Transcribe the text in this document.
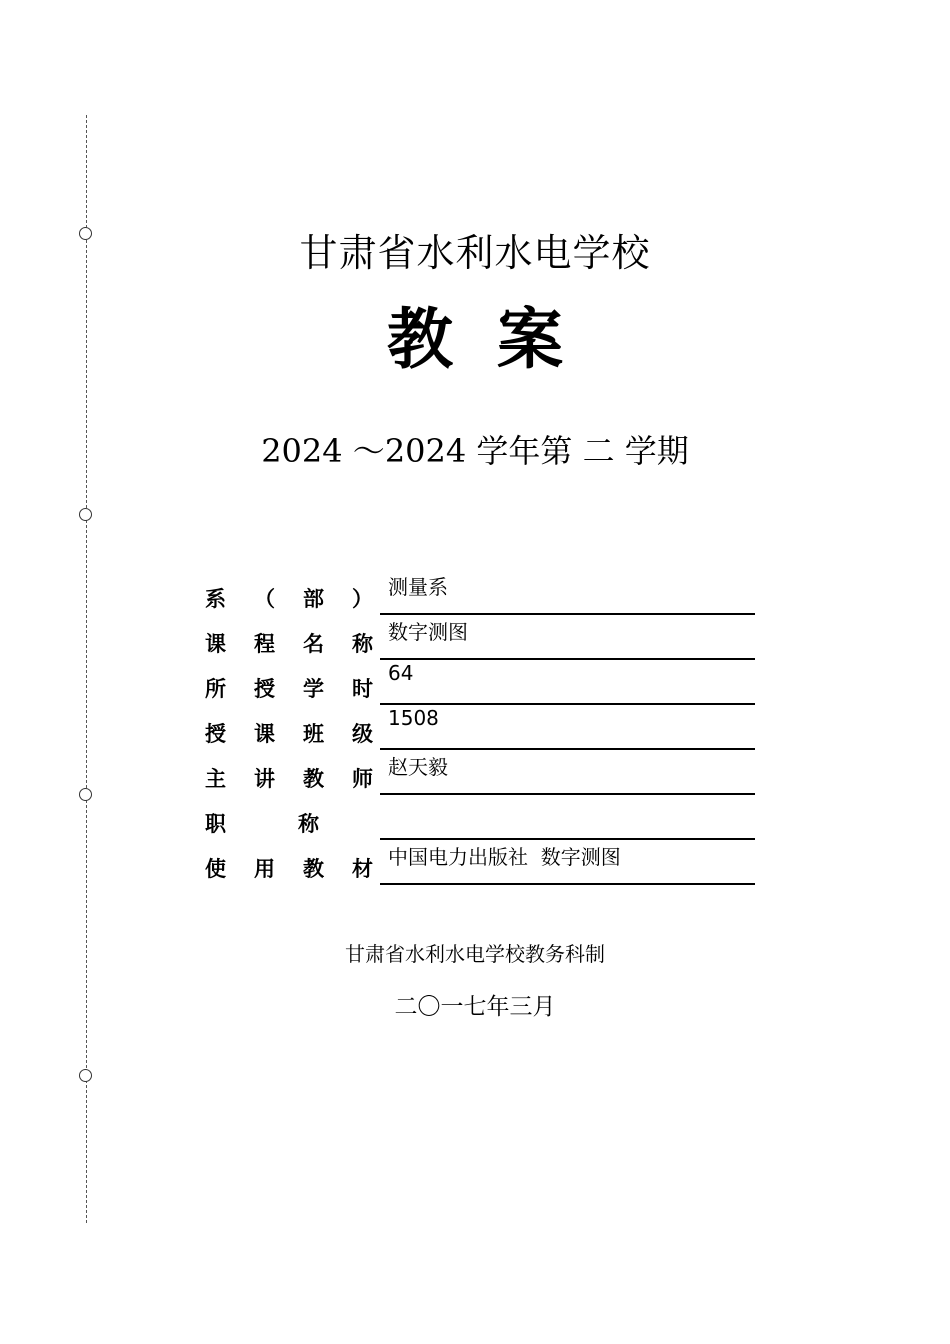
甘肃省水利水电学校
教案
2024 ～2024 学年第 二 学期
系 （ 部 ） 测量系
课 程 名 称 数字测图
所 授 学 时
64
授 课 班 级
1508
主 讲 教 师 赵天毅
职	称
使 用 教 材 中国电力出版社  数字测图
甘肃省水利水电学校教务科制
二〇一七年三月
